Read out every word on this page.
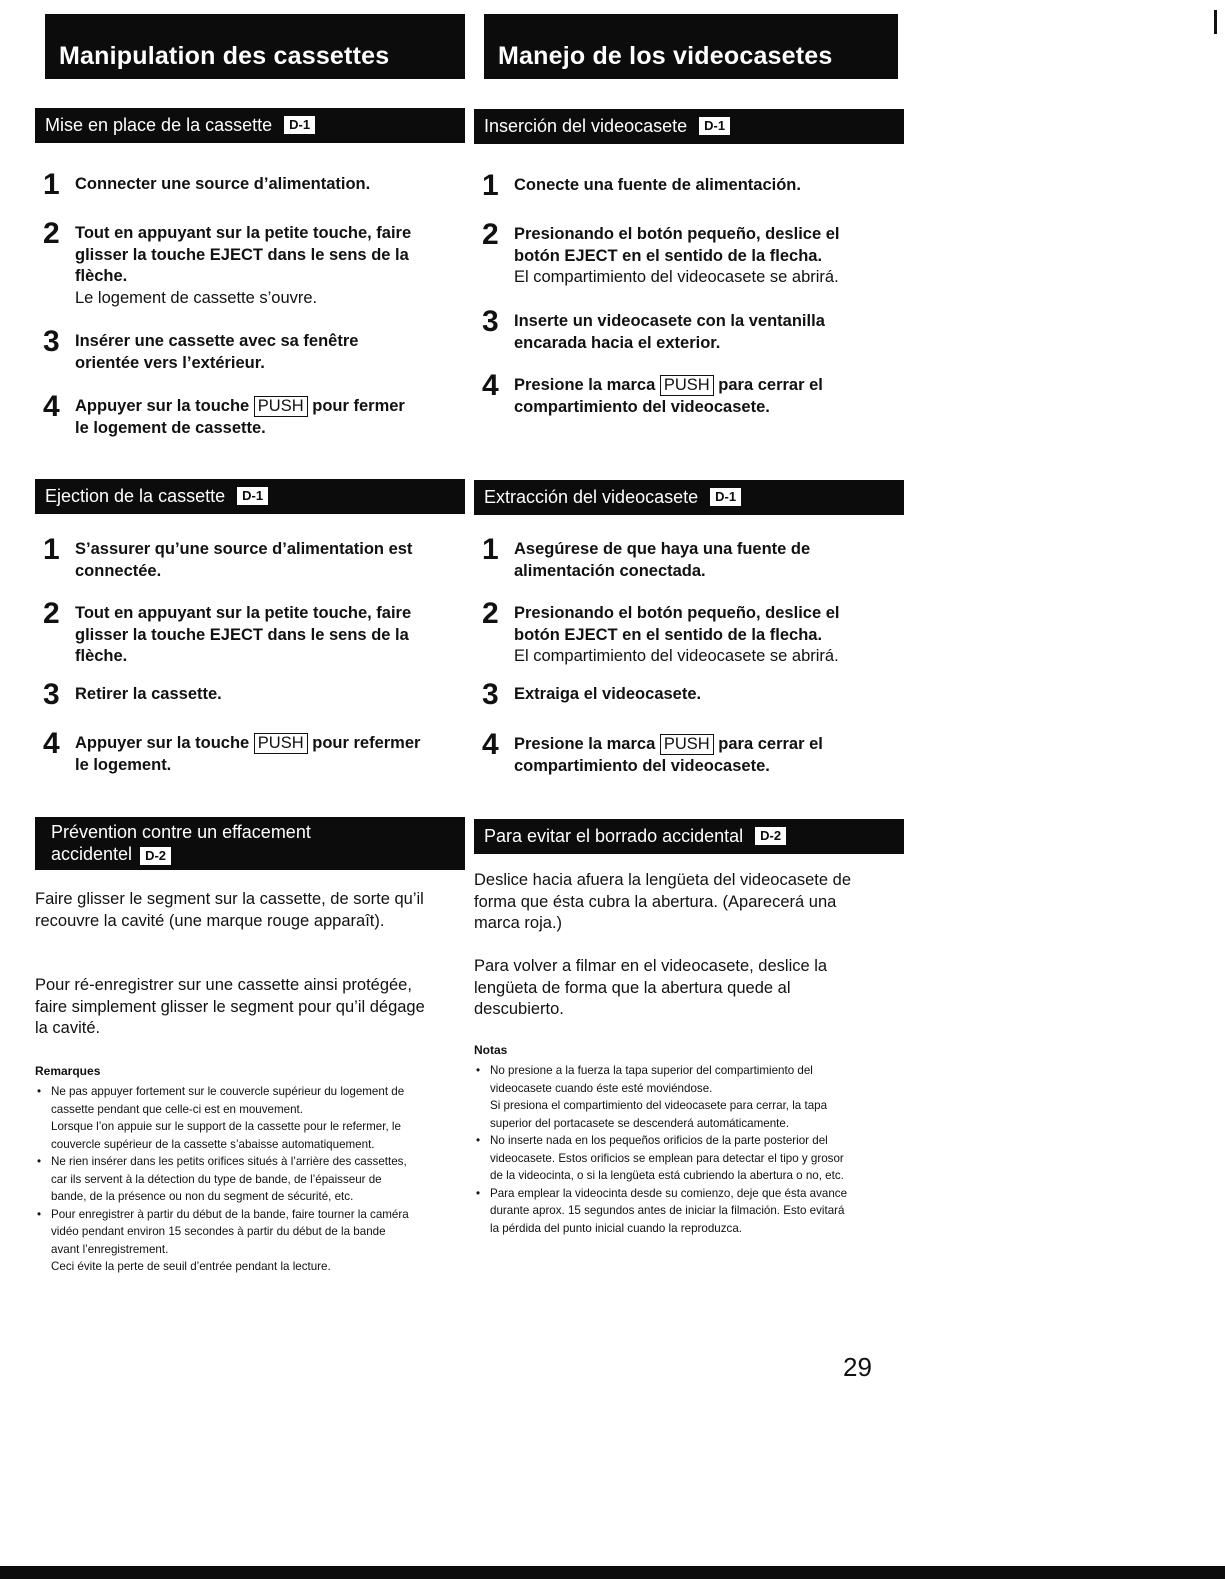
Manipulation des cassettes
Mise en place de la cassette	D-1
1 Connecter une source d’alimentation.
2 Tout en appuyant sur la petite touche, faire glisser la touche EJECT dans le sens de la flèche.
Le logement de cassette s’ouvre.
3 Insérer une cassette avec sa fenêtre orientée vers l’extérieur.
4 Appuyer sur la touche PUSH pour fermer le logement de cassette.
Ejection de la cassette	D-1
1 S’assurer qu’une source d’alimentation est connectée.
2 Tout en appuyant sur la petite touche, faire glisser la touche EJECT dans le sens de la flèche.
3 Retirer la cassette.
4 Appuyer sur la touche PUSH pour refermer le logement.
Prévention contre un effacement
accidentel D-2
Faire glisser le segment sur la cassette, de sorte qu’il recouvre la cavité (une marque rouge apparaît).
Pour ré-enregistrer sur une cassette ainsi protégée, faire simplement glisser le segment pour qu’il dégage la cavité.
Remarques
• Ne pas appuyer fortement sur le couvercle supérieur du logement de cassette pendant que celle-ci est en mouvement.
Lorsque l’on appuie sur le support de la cassette pour le refermer, le couvercle supérieur de la cassette s’abaisse automatiquement.
• Ne rien insérer dans les petits orifices situés à l’arrière des cassettes, car ils servent à la détection du type de bande, de l’épaisseur de bande, de la présence ou non du segment de sécurité, etc.
• Pour enregistrer à partir du début de la bande, faire tourner la caméra vidéo pendant environ 15 secondes à partir du début de la bande avant l’enregistrement.
Ceci évite la perte de seuil d’entrée pendant la lecture.
Manejo de los videocasetes
Inserción del videocasete	D-1
1 Conecte una fuente de alimentación.
2 Presionando el botón pequeño, deslice el botón EJECT en el sentido de la flecha.
El compartimiento del videocasete se abrirá.
3 Inserte un videocasete con la ventanilla encarada hacia el exterior.
4 Presione la marca PUSH para cerrar el compartimiento del videocasete.
Extracción del videocasete	D-1
1 Asegúrese de que haya una fuente de alimentación conectada.
2 Presionando el botón pequeño, deslice el botón EJECT en el sentido de la flecha.
El compartimiento del videocasete se abrirá.
3 Extraiga el videocasete.
4 Presione la marca PUSH para cerrar el compartimiento del videocasete.
Para evitar el borrado accidental	D-2
Deslice hacia afuera la lengüeta del videocasete de forma que ésta cubra la abertura. (Aparecerá una marca roja.)
Para volver a filmar en el videocasete, deslice la lengüeta de forma que la abertura quede al descubierto.
Notas
• No presione a la fuerza la tapa superior del compartimiento del videocasete cuando éste esté moviéndose.
Si presiona el compartimiento del videocasete para cerrar, la tapa superior del portacasete se descenderá automáticamente.
• No inserte nada en los pequeños orificios de la parte posterior del videocasete. Estos orificios se emplean para detectar el tipo y grosor de la videocinta, o si la lengüeta está cubriendo la abertura o no, etc.
• Para emplear la videocinta desde su comienzo, deje que ésta avance durante aprox. 15 segundos antes de iniciar la filmación. Esto evitará la pérdida del punto inicial cuando la reproduzca.
29
